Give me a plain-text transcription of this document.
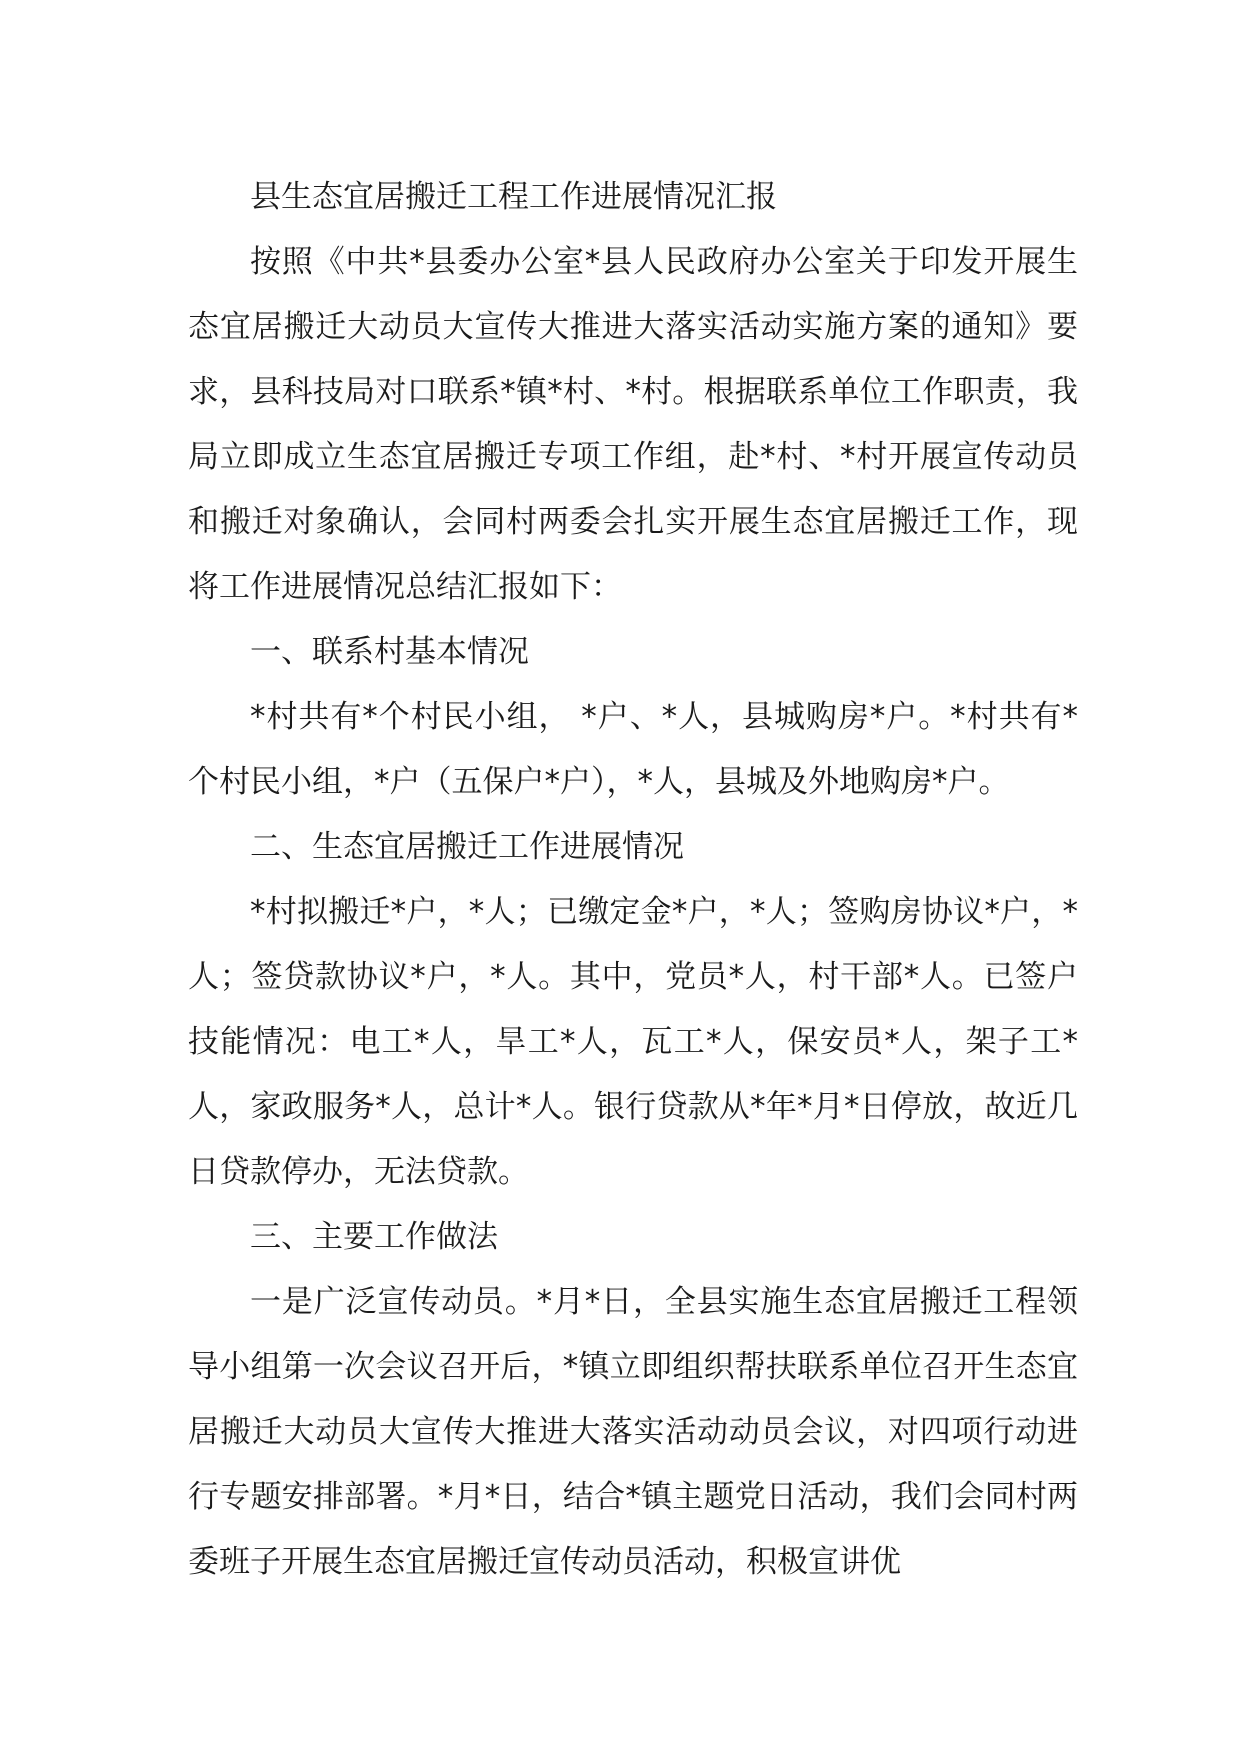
县生态宜居搬迁工程工作进展情况汇报

按照《中共*县委办公室*县人民政府办公室关于印发开展生态宜居搬迁大动员大宣传大推进大落实活动实施方案的通知》要求，县科技局对口联系*镇*村、*村。根据联系单位工作职责，我局立即成立生态宜居搬迁专项工作组，赴*村、*村开展宣传动员和搬迁对象确认，会同村两委会扎实开展生态宜居搬迁工作，现将工作进展情况总结汇报如下：

一、联系村基本情况

*村共有*个村民小组， *户、*人，县城购房*户。*村共有*个村民小组，*户（五保户*户），*人，县城及外地购房*户。

二、生态宜居搬迁工作进展情况

*村拟搬迁*户，*人；已缴定金*户，*人；签购房协议*户，*人；签贷款协议*户，*人。其中，党员*人，村干部*人。已签户技能情况：电工*人，旱工*人，瓦工*人，保安员*人，架子工*人，家政服务*人，总计*人。银行贷款从*年*月*日停放，故近几日贷款停办，无法贷款。

三、主要工作做法

一是广泛宣传动员。*月*日，全县实施生态宜居搬迁工程领导小组第一次会议召开后，*镇立即组织帮扶联系单位召开生态宜居搬迁大动员大宣传大推进大落实活动动员会议，对四项行动进行专题安排部署。*月*日，结合*镇主题党日活动，我们会同村两委班子开展生态宜居搬迁宣传动员活动，积极宣讲优
